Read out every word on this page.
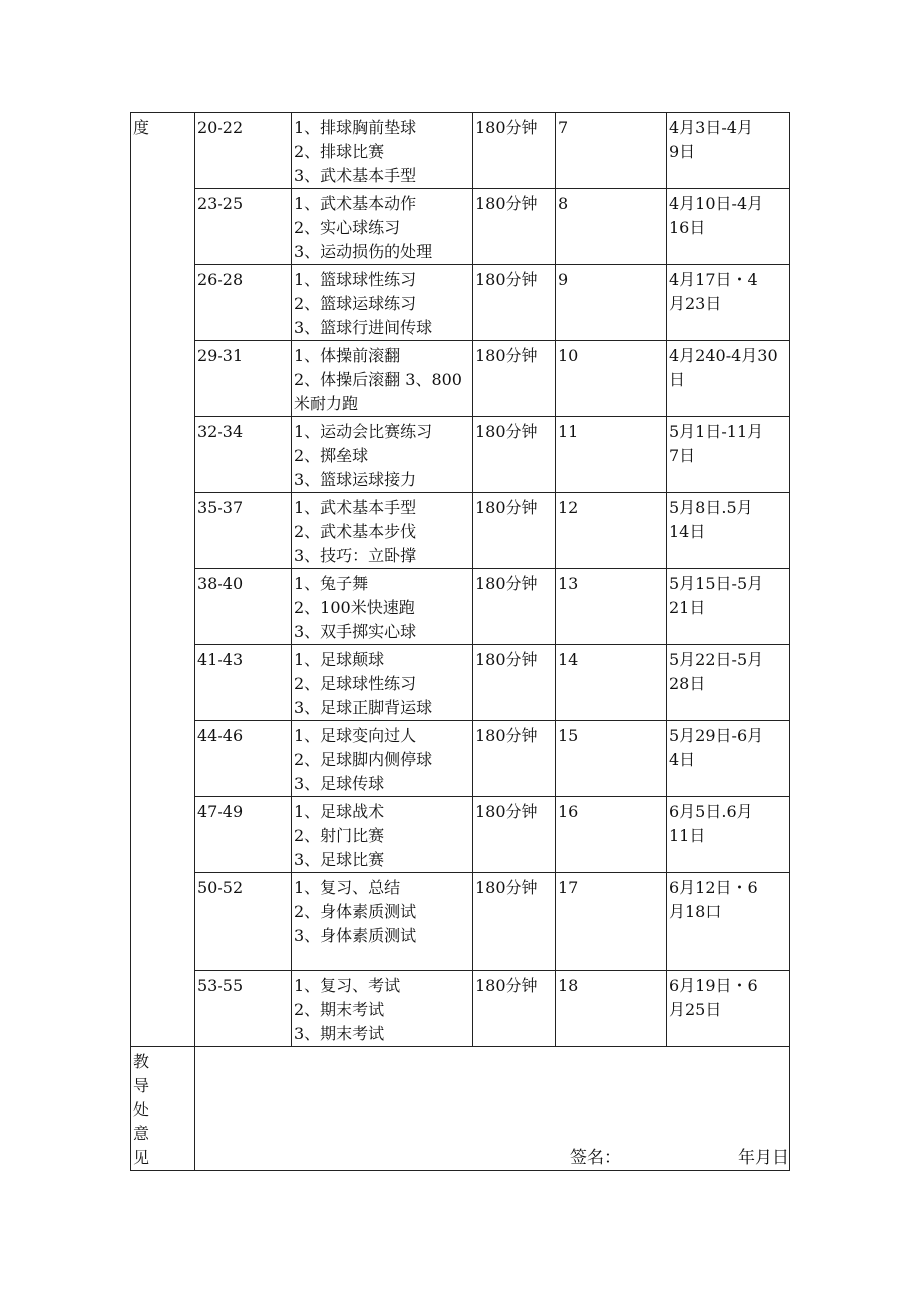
度	20-22	1、排球胸前垫球
2、排球比赛
3、武术基本手型	180分钟	7	4月3日-4月
9日

	23-25	1、武术基本动作
2、实心球练习
3、运动损伤的处理	180分钟	8	4月10日-4月
16日

	26-28	1、篮球球性练习
2、篮球运球练习
3、篮球行进间传球	180分钟	9	4月17日・4
月23日

	29-31	1、体操前滚翻
2、体操后滚翻 3、800
米耐力跑	180分钟	10	4月240-4月30
日

	32-34	1、运动会比赛练习
2、掷垒球
3、篮球运球接力	180分钟	11	5月1日-11月
7日

	35-37	1、武术基本手型
2、武术基本步伐
3、技巧：立卧撑	180分钟	12	5月8日.5月
14日

	38-40	1、兔子舞
2、100米快速跑
3、双手掷实心球	180分钟	13	5月15日-5月
21日

	41-43	1、足球颠球
2、足球球性练习
3、足球正脚背运球	180分钟	14	5月22日-5月
28日

	44-46	1、足球变向过人
2、足球脚内侧停球
3、足球传球	180分钟	15	5月29日-6月
4日

	47-49	1、足球战术
2、射门比赛
3、足球比赛	180分钟	16	6月5日.6月
11日

	50-52	1、复习、总结
2、身体素质测试
3、身体素质测试	180分钟	17	6月12日・6
月18口

	53-55	1、复习、考试
2、期末考试
3、期末考试	180分钟	18	6月19日・6
月25日

教
导
处
意
见	签名： 年月日				
